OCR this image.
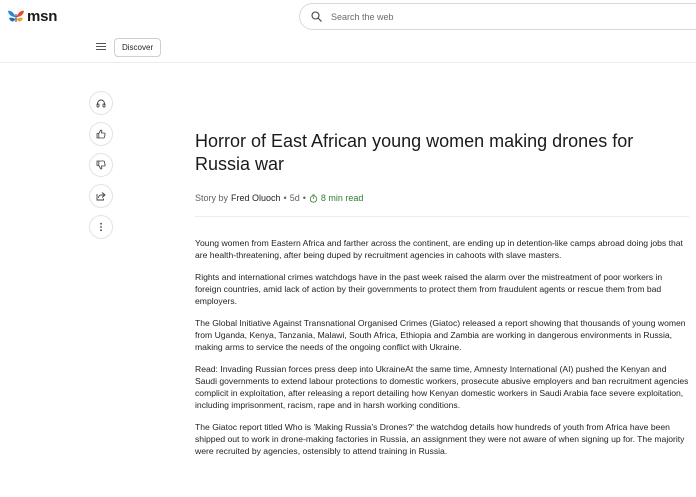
msn
Search the web
Discover
Horror of East African young women making drones for Russia war
Story by Fred Oluoch • 5d • 8 min read

Young women from Eastern Africa and farther across the continent, are ending up in detention-like camps abroad doing jobs that are health-threatening, after being duped by recruitment agencies in cahoots with slave masters.

Rights and international crimes watchdogs have in the past week raised the alarm over the mistreatment of poor workers in foreign countries, amid lack of action by their governments to protect them from fraudulent agents or rescue them from bad employers.

The Global Initiative Against Transnational Organised Crimes (Giatoc) released a report showing that thousands of young women from Uganda, Kenya, Tanzania, Malawi, South Africa, Ethiopia and Zambia are working in dangerous environments in Russia, making arms to service the needs of the ongoing conflict with Ukraine.

Read: Invading Russian forces press deep into UkraineAt the same time, Amnesty International (AI) pushed the Kenyan and Saudi governments to extend labour protections to domestic workers, prosecute abusive employers and ban recruitment agencies complicit in exploitation, after releasing a report detailing how Kenyan domestic workers in Saudi Arabia face severe exploitation, including imprisonment, racism, rape and in harsh working conditions.

The Giatoc report titled Who is 'Making Russia's Drones?' the watchdog details how hundreds of youth from Africa have been shipped out to work in drone-making factories in Russia, an assignment they were not aware of when signing up for. The majority were recruited by agencies, ostensibly to attend training in Russia.
